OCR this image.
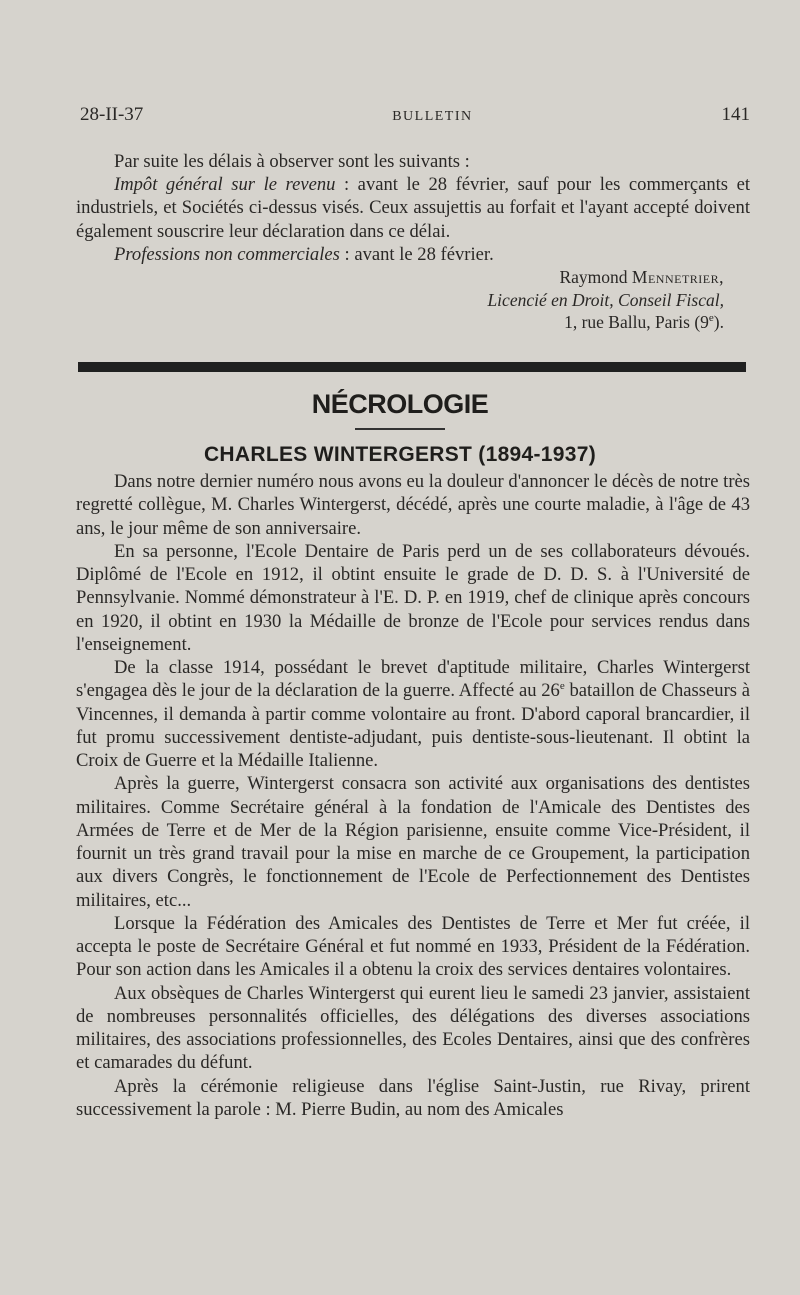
28-II-37	BULLETIN	141

Par suite les délais à observer sont les suivants :

Impôt général sur le revenu : avant le 28 février, sauf pour les commerçants et industriels, et Sociétés ci-dessus visés. Ceux assujettis au forfait et l'ayant accepté doivent également souscrire leur déclaration dans ce délai.

Professions non commerciales : avant le 28 février.

Raymond Mennetrier,
Licencié en Droit, Conseil Fiscal,
1, rue Ballu, Paris (9e).
NÉCROLOGIE
CHARLES WINTERGERST (1894-1937)

Dans notre dernier numéro nous avons eu la douleur d'annoncer le décès de notre très regretté collègue, M. Charles Wintergerst, décédé, après une courte maladie, à l'âge de 43 ans, le jour même de son anniversaire.

En sa personne, l'Ecole Dentaire de Paris perd un de ses collaborateurs dévoués. Diplômé de l'Ecole en 1912, il obtint ensuite le grade de D. D. S. à l'Université de Pennsylvanie. Nommé démonstrateur à l'E. D. P. en 1919, chef de clinique après concours en 1920, il obtint en 1930 la Médaille de bronze de l'Ecole pour services rendus dans l'enseignement.

De la classe 1914, possédant le brevet d'aptitude militaire, Charles Wintergerst s'engagea dès le jour de la déclaration de la guerre. Affecté au 26e bataillon de Chasseurs à Vincennes, il demanda à partir comme volontaire au front. D'abord caporal brancardier, il fut promu successivement dentiste-adjudant, puis dentiste-sous-lieutenant. Il obtint la Croix de Guerre et la Médaille Italienne.

Après la guerre, Wintergerst consacra son activité aux organisations des dentistes militaires. Comme Secrétaire général à la fondation de l'Amicale des Dentistes des Armées de Terre et de Mer de la Région parisienne, ensuite comme Vice-Président, il fournit un très grand travail pour la mise en marche de ce Groupement, la participation aux divers Congrès, le fonctionnement de l'Ecole de Perfectionnement des Dentistes militaires, etc...

Lorsque la Fédération des Amicales des Dentistes de Terre et Mer fut créée, il accepta le poste de Secrétaire Général et fut nommé en 1933, Président de la Fédération. Pour son action dans les Amicales il a obtenu la croix des services dentaires volontaires.

Aux obsèques de Charles Wintergerst qui eurent lieu le samedi 23 janvier, assistaient de nombreuses personnalités officielles, des délégations des diverses associations militaires, des associations professionnelles, des Ecoles Dentaires, ainsi que des confrères et camarades du défunt.

Après la cérémonie religieuse dans l'église Saint-Justin, rue Rivay, prirent successivement la parole : M. Pierre Budin, au nom des Amicales
